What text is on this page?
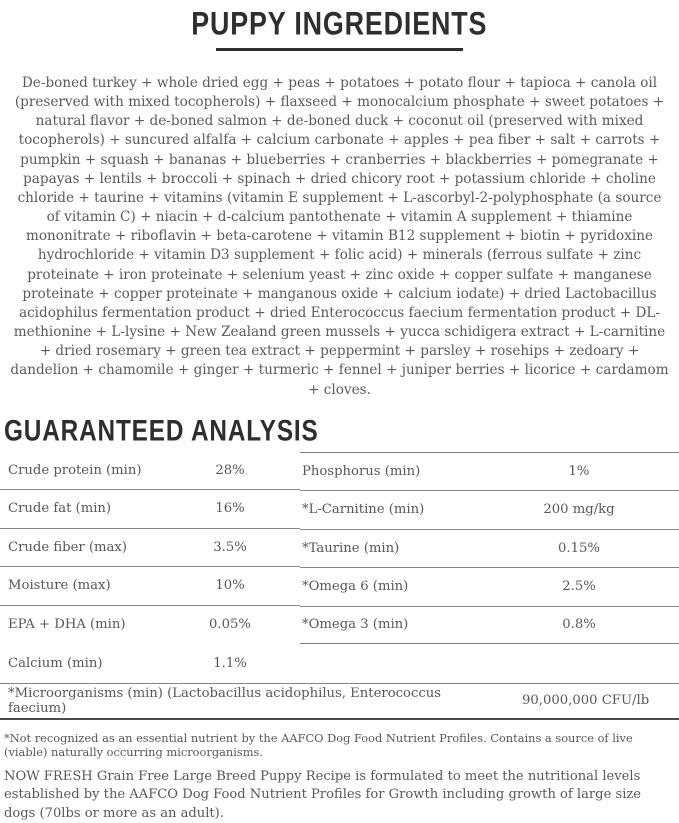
PUPPY INGREDIENTS

De-boned turkey + whole dried egg + peas + potatoes + potato flour + tapioca + canola oil (preserved with mixed tocopherols) + flaxseed + monocalcium phosphate + sweet potatoes + natural flavor + de-boned salmon + de-boned duck + coconut oil (preserved with mixed tocopherols) + suncured alfalfa + calcium carbonate + apples + pea fiber + salt + carrots + pumpkin + squash + bananas + blueberries + cranberries + blackberries + pomegranate + papayas + lentils + broccoli + spinach + dried chicory root + potassium chloride + choline chloride + taurine + vitamins (vitamin E supplement + L-ascorbyl-2-polyphosphate (a source of vitamin C) + niacin + d-calcium pantothenate + vitamin A supplement + thiamine mononitrate + riboflavin + beta-carotene + vitamin B12 supplement + biotin + pyridoxine hydrochloride + vitamin D3 supplement + folic acid) + minerals (ferrous sulfate + zinc proteinate + iron proteinate + selenium yeast + zinc oxide + copper sulfate + manganese proteinate + copper proteinate + manganous oxide + calcium iodate) + dried Lactobacillus acidophilus fermentation product + dried Enterococcus faecium fermentation product + DL-methionine + L-lysine + New Zealand green mussels + yucca schidigera extract + L-carnitine + dried rosemary + green tea extract + peppermint + parsley + rosehips + zedoary + dandelion + chamomile + ginger + turmeric + fennel + juniper berries + licorice + cardamom + cloves.

GUARANTEED ANALYSIS
Crude protein (min)	28%
Crude fat (min)	16%
Crude fiber (max)	3.5%
Moisture (max)	10%
EPA + DHA (min)	0.05%
Calcium (min)	1.1%
Phosphorus (min)	1%
*L-Carnitine (min)	200 mg/kg
*Taurine (min)	0.15%
*Omega 6 (min)	2.5%
*Omega 3 (min)	0.8%
*Microorganisms (min) (Lactobacillus acidophilus, Enterococcus faecium)	90,000,000 CFU/lb

*Not recognized as an essential nutrient by the AAFCO Dog Food Nutrient Profiles. Contains a source of live (viable) naturally occurring microorganisms.

NOW FRESH Grain Free Large Breed Puppy Recipe is formulated to meet the nutritional levels established by the AAFCO Dog Food Nutrient Profiles for Growth including growth of large size dogs (70lbs or more as an adult).
